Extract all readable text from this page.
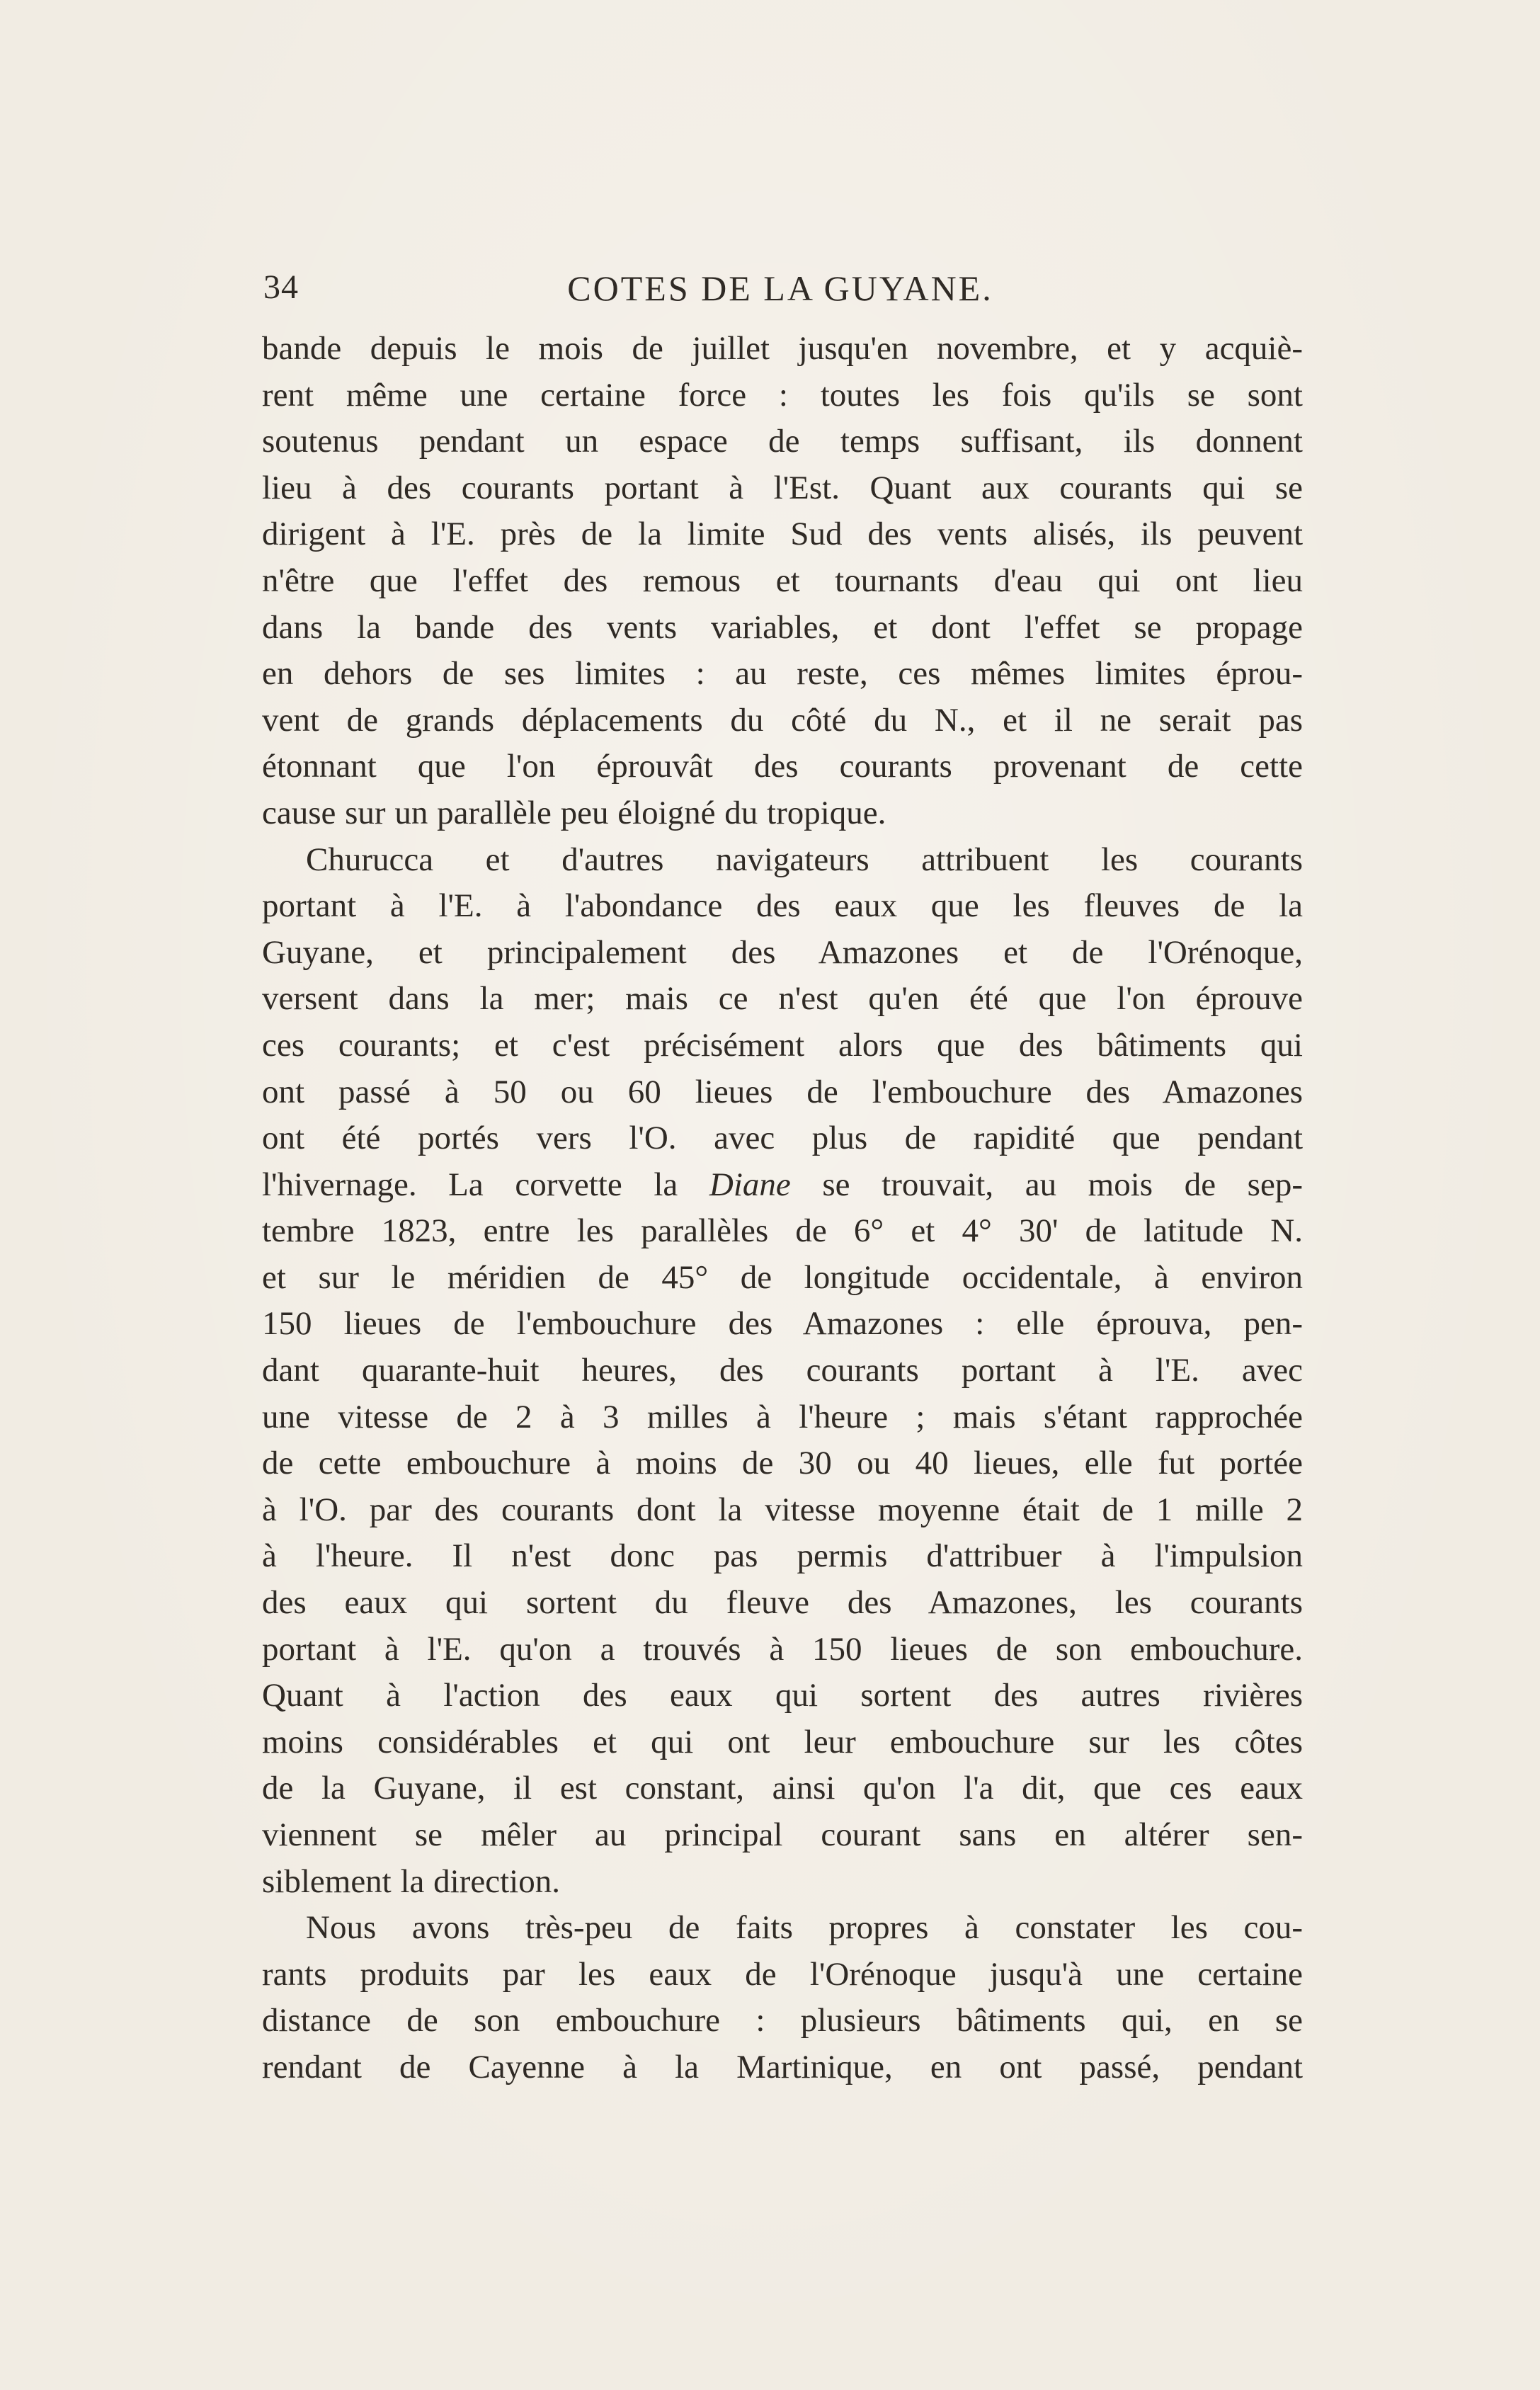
34	COTES DE LA GUYANE.
bande depuis le mois de juillet jusqu'en novembre, et y acquiè-
rent même une certaine force : toutes les fois qu'ils se sont
soutenus pendant un espace de temps suffisant, ils donnent
lieu à des courants portant à l'Est. Quant aux courants qui se
dirigent à l'E. près de la limite Sud des vents alisés, ils peuvent
n'être que l'effet des remous et tournants d'eau qui ont lieu
dans la bande des vents variables, et dont l'effet se propage
en dehors de ses limites : au reste, ces mêmes limites éprou-
vent de grands déplacements du côté du N., et il ne serait pas
étonnant que l'on éprouvât des courants provenant de cette
cause sur un parallèle peu éloigné du tropique.
Churucca et d'autres navigateurs attribuent les courants
portant à l'E. à l'abondance des eaux que les fleuves de la
Guyane, et principalement des Amazones et de l'Orénoque,
versent dans la mer; mais ce n'est qu'en été que l'on éprouve
ces courants; et c'est précisément alors que des bâtiments qui
ont passé à 50 ou 60 lieues de l'embouchure des Amazones
ont été portés vers l'O. avec plus de rapidité que pendant
l'hivernage. La corvette la Diane se trouvait, au mois de sep-
tembre 1823, entre les parallèles de 6° et 4° 30' de latitude N.
et sur le méridien de 45° de longitude occidentale, à environ
150 lieues de l'embouchure des Amazones : elle éprouva, pen-
dant quarante-huit heures, des courants portant à l'E. avec
une vitesse de 2 à 3 milles à l'heure ; mais s'étant rapprochée
de cette embouchure à moins de 30 ou 40 lieues, elle fut portée
à l'O. par des courants dont la vitesse moyenne était de 1 mille 2
à l'heure. Il n'est donc pas permis d'attribuer à l'impulsion
des eaux qui sortent du fleuve des Amazones, les courants
portant à l'E. qu'on a trouvés à 150 lieues de son embouchure.
Quant à l'action des eaux qui sortent des autres rivières
moins considérables et qui ont leur embouchure sur les côtes
de la Guyane, il est constant, ainsi qu'on l'a dit, que ces eaux
viennent se mêler au principal courant sans en altérer sen-
siblement la direction.
Nous avons très-peu de faits propres à constater les cou-
rants produits par les eaux de l'Orénoque jusqu'à une certaine
distance de son embouchure : plusieurs bâtiments qui, en se
rendant de Cayenne à la Martinique, en ont passé, pendant
